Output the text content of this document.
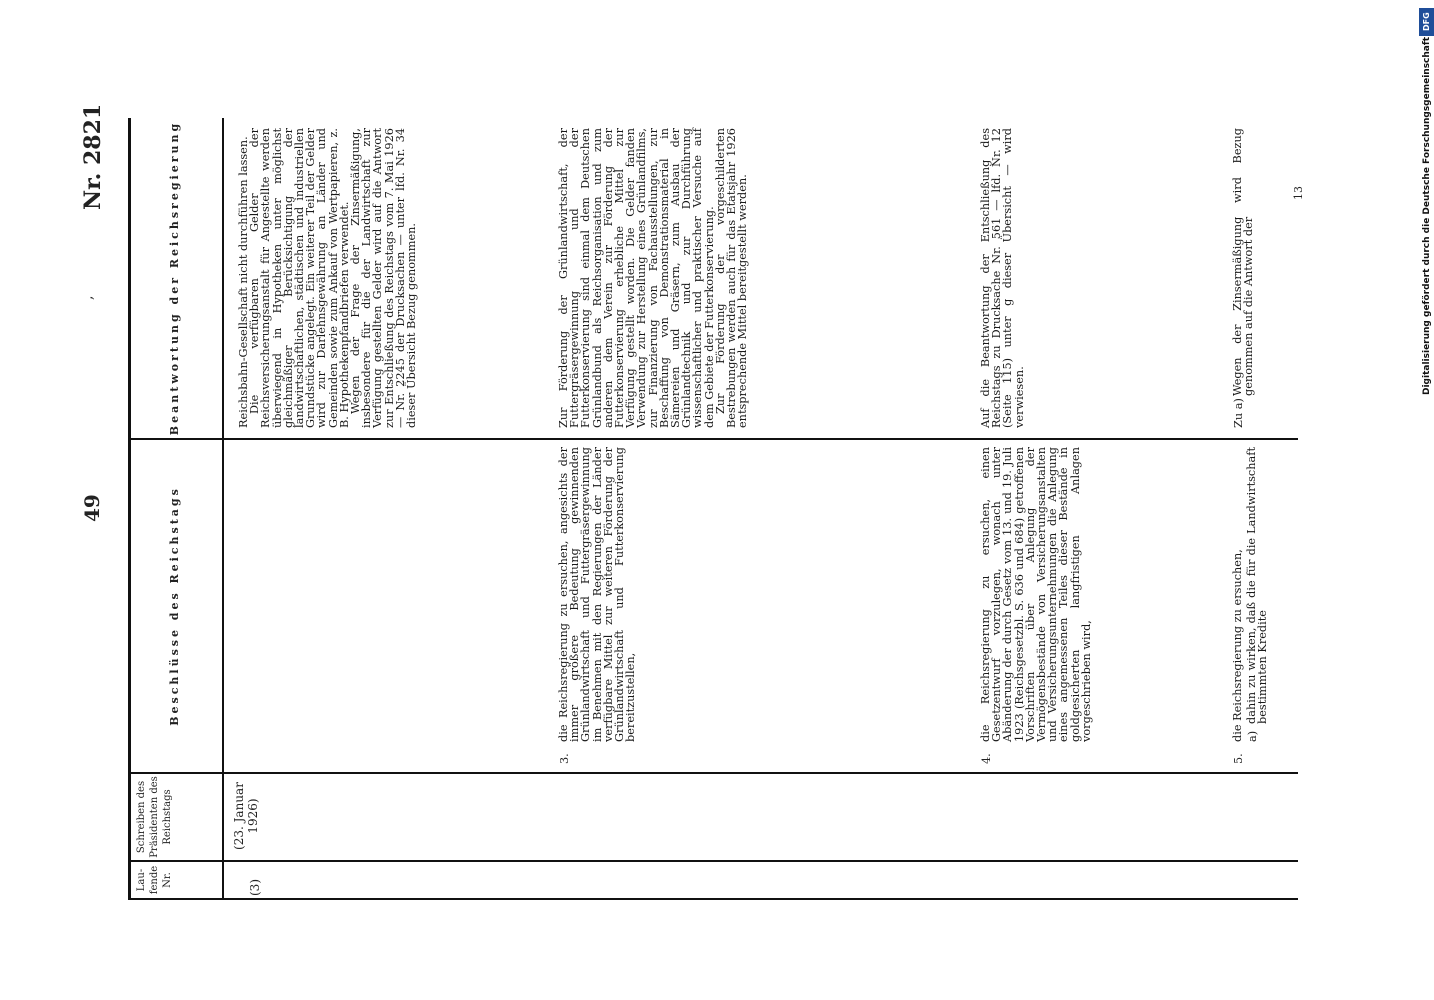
49
Nr. 2821
,
Lau- fende Nr.
Schreiben des Präsidenten des Reichstags
Beschlüsse des Reichstags
Beantwortung der Reichsregierung
(3)
(23. Januar 1926)

Reichsbahn-Gesellschaft nicht durchführen lassen.

Die verfügbaren Gelder der Reichsversicherungsanstalt für Angestellte werden überwiegend in Hypotheken unter möglichst gleichmäßiger Berücksichtigung der landwirtschaftlichen, städtischen und industriellen Grundstücke angelegt. Ein weiterer Teil der Gelder wird zur Darlehnsgewährung an Länder und Gemeinden sowie zum Ankauf von Wertpapieren, z. B. Hypothekenpfandbriefen verwendet.

Wegen der Frage der Zinsermäßigung, insbesondere für die der Landwirtschaft zur Verfügung gestellten Gelder wird auf die Antwort zur Entschließung des Reichstags vom 7. Mai 1926 — Nr. 2245 der Drucksachen — unter lfd. Nr. 34 dieser Übersicht Bezug genommen.

3.
die Reichsregierung zu ersuchen, angesichts der immer größere Bedeutung gewinnenden Grünlandwirtschaft und Futtergräsergewinnung im Benehmen mit den Regierungen der Länder verfügbare Mittel zur weiteren Förderung der Grünlandwirtschaft und Futterkonservierung bereitzustellen,

Zur Förderung der Grünlandwirtschaft, der Futtergräsergewinnung und der Futterkonservierung sind einmal dem Deutschen Grünlandbund als Reichsorganisation und zum anderen dem Verein zur Förderung der Futterkonservierung erhebliche Mittel zur Verfügung gestellt worden. Die Gelder fanden Verwendung zur Herstellung eines Grünlandfilms, zur Finanzierung von Fachausstellungen, zur Beschaffung von Demonstrationsmaterial in Sämereien und Gräsern, zum Ausbau der Grünlandtechnik und zur Durchführung wissenschaftlicher und praktischer Versuche auf dem Gebiete der Futterkonservierung.

Zur Förderung der vorgeschilderten Bestrebungen werden auch für das Etatsjahr 1926 entsprechende Mittel bereitgestellt werden.

4.
die Reichsregierung zu ersuchen, einen Gesetzentwurf vorzulegen, wonach unter Abänderung der durch Gesetz vom 13. und 19. Juli 1923 (Reichsgesetzbl. S. 636 und 684) getroffenen Vorschriften über Anlegung der Vermögensbestände von Versicherungsanstalten und Versicherungsunternehmungen die Anlegung eines angemessenen Teiles dieser Bestände in goldgesicherten langfristigen Anlagen vorgeschrieben wird,
Auf die Beantwortung der Entschließung des Reichstags zu Drucksache Nr. 561 — lfd. Nr. 12 (Seite 115) unter g dieser Übersicht — wird verwiesen.
5.
die Reichsregierung zu ersuchen, a)
dahin zu wirken, daß die für die Landwirtschaft bestimmten Kredite
Zu a)
Wegen der Zinsermäßigung wird Bezug genommen auf die Antwort der
13
DFG
Digitalisierung gefördert durch die Deutsche Forschungsgemeinschaft
